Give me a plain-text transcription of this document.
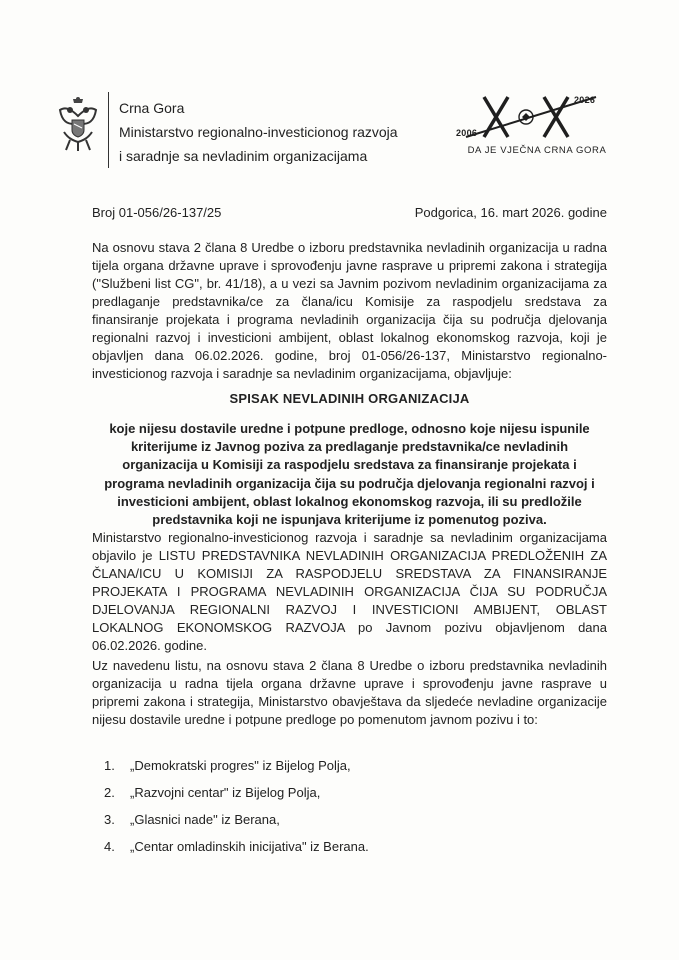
Crna Gora
Ministarstvo regionalno-investicionog razvoja
i saradnje sa nevladinim organizacijama
2006
2026
DA JE VJEČNA CRNA GORA
Broj 01-056/26-137/25	Podgorica, 16. mart 2026. godine
Na osnovu stava 2 člana 8 Uredbe o izboru predstavnika nevladinih organizacija u radna tijela organa državne uprave i sprovođenju javne rasprave u pripremi zakona i strategija ("Službeni list CG", br. 41/18), a u vezi sa Javnim pozivom nevladinim organizacijama za predlaganje predstavnika/ce za člana/icu Komisije za raspodjelu sredstava za finansiranje projekata i programa nevladinih organizacija čija su područja djelovanja regionalni razvoj i investicioni ambijent, oblast lokalnog ekonomskog razvoja, koji je objavljen dana 06.02.2026. godine, broj 01-056/26-137, Ministarstvo regionalno-investicionog razvoja i saradnje sa nevladinim organizacijama, objavljuje:
SPISAK NEVLADINIH ORGANIZACIJA
koje nijesu dostavile uredne i potpune predloge, odnosno koje nijesu ispunile kriterijume iz Javnog poziva za predlaganje predstavnika/ce nevladinih organizacija u Komisiji za raspodjelu sredstava za finansiranje projekata i programa nevladinih organizacija čija su područja djelovanja regionalni razvoj i investicioni ambijent, oblast lokalnog ekonomskog razvoja, ili su predložile predstavnika koji ne ispunjava kriterijume iz pomenutog poziva.
Ministarstvo regionalno-investicionog razvoja i saradnje sa nevladinim organizacijama objavilo je LISTU PREDSTAVNIKA NEVLADINIH ORGANIZACIJA PREDLOŽENIH ZA ČLANA/ICU U KOMISIJI ZA RASPODJELU SREDSTAVA ZA FINANSIRANJE PROJEKATA I PROGRAMA NEVLADINIH ORGANIZACIJA ČIJA SU PODRUČJA DJELOVANJA REGIONALNI RAZVOJ I INVESTICIONI AMBIJENT, OBLAST LOKALNOG EKONOMSKOG RAZVOJA po Javnom pozivu objavljenom dana 06.02.2026. godine.
Uz navedenu listu, na osnovu stava 2 člana 8 Uredbe o izboru predstavnika nevladinih organizacija u radna tijela organa državne uprave i sprovođenju javne rasprave u pripremi zakona i strategija, Ministarstvo obavještava da sljedeće nevladine organizacije nijesu dostavile uredne i potpune predloge po pomenutom javnom pozivu i to:
1. „Demokratski progres" iz Bijelog Polja,
2. „Razvojni centar" iz Bijelog Polja,
3. „Glasnici nade" iz Berana,
4. „Centar omladinskih inicijativa" iz Berana.
